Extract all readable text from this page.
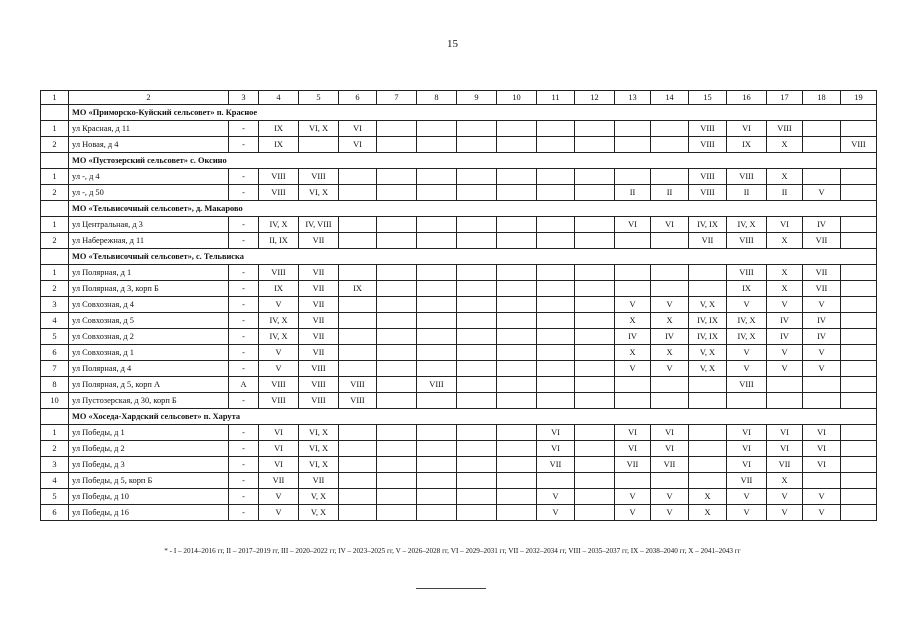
15
1	2	3	4	5	6	7	8	9	10	11	12	13	14	15	16	17	18	19
	МО «Приморско-Куйский сельсовет» п. Красное																	
1	ул Красная, д 11	-	IX	VI, X	VI									VIII	VI	VIII		
2	ул Новая, д 4	-	IX		VI									VIII	IX	X		VIII
	МО «Пустозерский сельсовет» с. Оксино																	
1	ул -, д 4	-	VIII	VIII										VIII	VIII	X		
2	ул -, д 50	-	VIII	VI, X								II	II	VIII	II	II	V	
	МО «Тельвисочный сельсовет», д. Макарово																	
1	ул Центральная, д 3	-	IV, X	IV, VIII								VI	VI	IV, IX	IV, X	VI	IV	
2	ул Набережная, д 11	-	II, IX	VII										VII	VIII	X	VII	
	МО «Тельвисочный сельсовет», с. Тельвиска																	
1	ул Полярная, д 1	-	VIII	VII											VIII	X	VII	
2	ул Полярная, д 3, корп Б	-	IX	VII	IX										IX	X	VII	
3	ул Совхозная, д 4	-	V	VII								V	V	V, X	V	V	V	
4	ул Совхозная, д 5	-	IV, X	VII								X	X	IV, IX	IV, X	IV	IV	
5	ул Совхозная, д 2	-	IV, X	VII								IV	IV	IV, IX	IV, X	IV	IV	
6	ул Совхозная, д 1	-	V	VII								X	X	V, X	V	V	V	
7	ул Полярная, д 4	-	V	VIII								V	V	V, X	V	V	V	
8	ул Полярная, д 5, корп А	А	VIII	VIII	VIII		VIII								VIII			
10	ул Пустозерская, д 30, корп Б	-	VIII	VIII	VIII													
	МО «Хоседа-Хардский сельсовет» п. Харута																	
1	ул Победы, д 1	-	VI	VI, X						VI		VI	VI		VI	VI	VI	
2	ул Победы, д 2	-	VI	VI, X						VI		VI	VI		VI	VI	VI	
3	ул Победы, д 3	-	VI	VI, X						VII		VII	VII		VI	VII	VI	
4	ул Победы, д 5, корп Б	-	VII	VII											VII	X		
5	ул Победы, д 10	-	V	V, X						V		V	V	X	V	V	V	
6	ул Победы, д 16	-	V	V, X						V		V	V	X	V	V	V	
* - I – 2014–2016 гг, II – 2017–2019 гг, III – 2020–2022 гг, IV – 2023–2025 гг, V – 2026–2028 гг, VI – 2029–2031 гг, VII – 2032–2034 гг, VIII – 2035–2037 гг, IX – 2038–2040 гг, X – 2041–2043 гг
